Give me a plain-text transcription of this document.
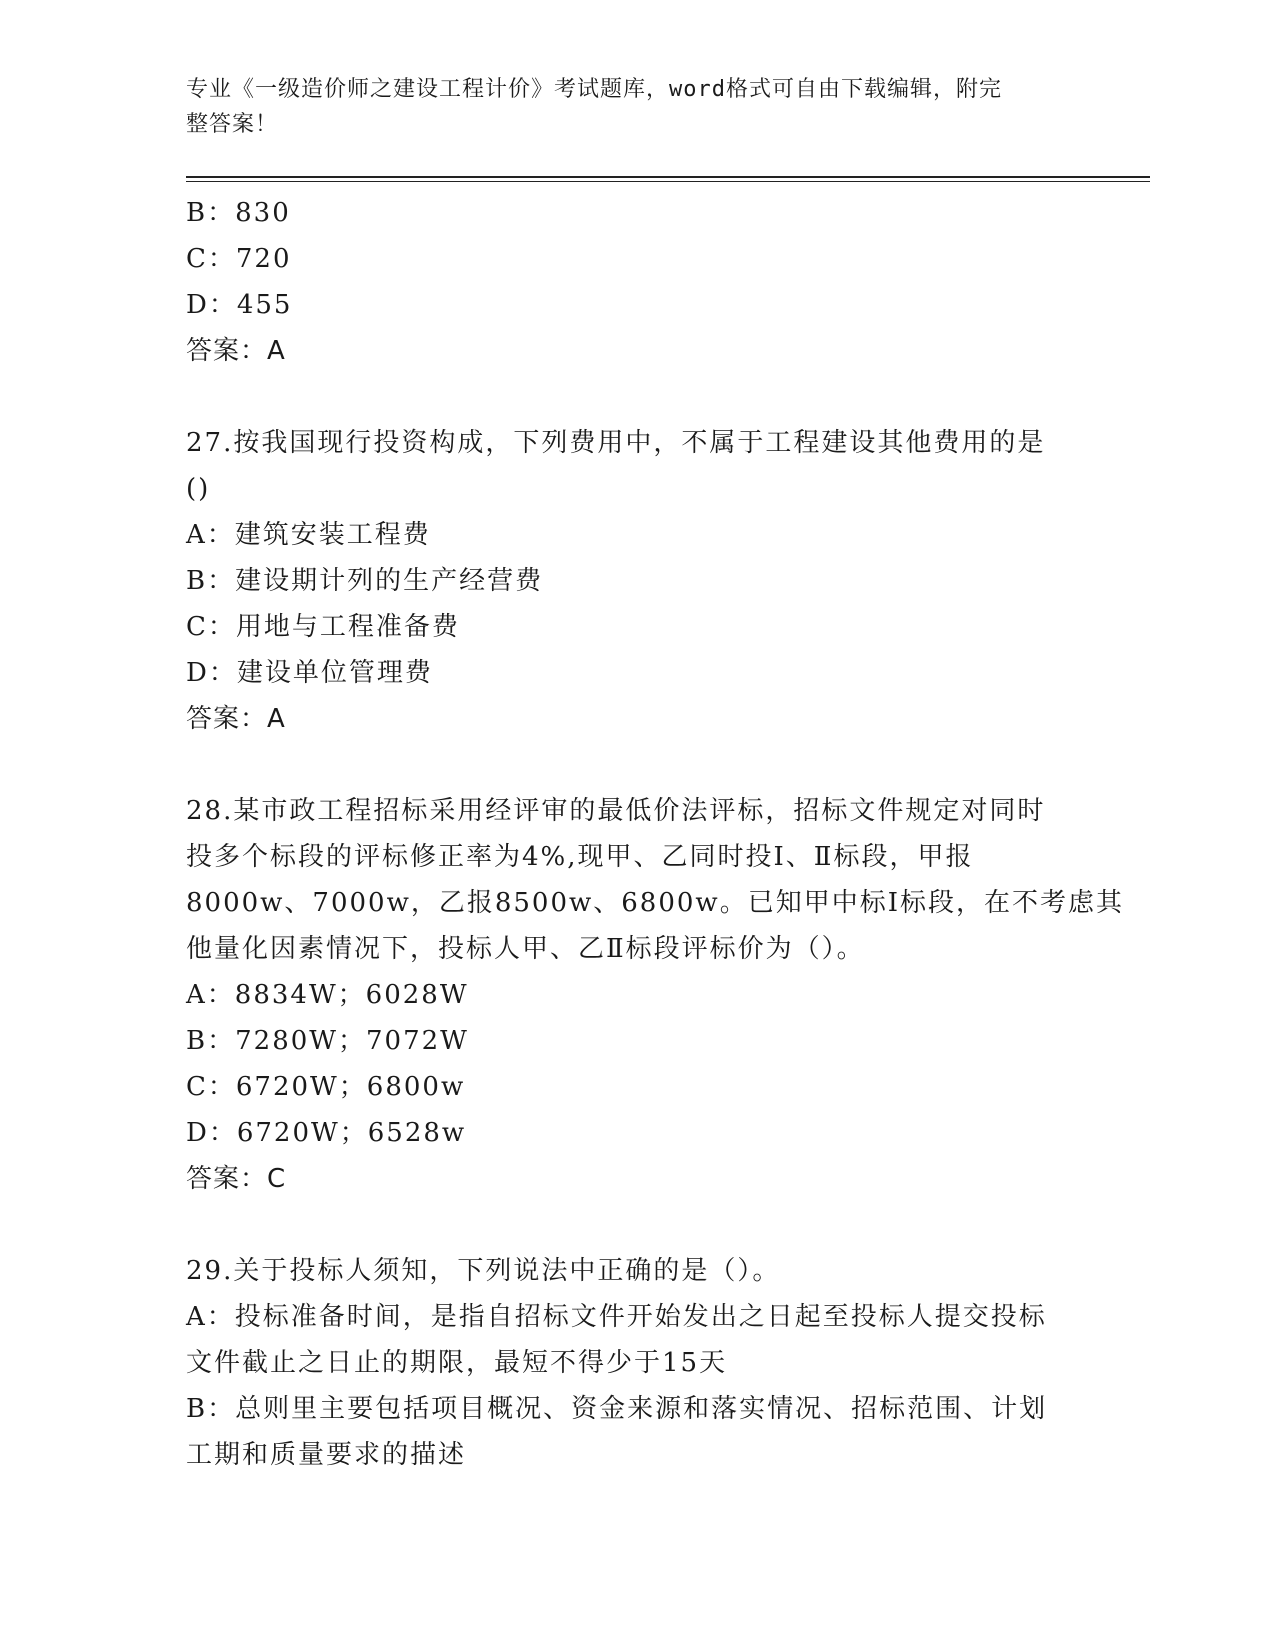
专业《一级造价师之建设工程计价》考试题库，word格式可自由下载编辑，附完
整答案！
B：830
C：720
D：455
答案：A
27.按我国现行投资构成，下列费用中，不属于工程建设其他费用的是
()
A：建筑安装工程费
B：建设期计列的生产经营费
C：用地与工程准备费
D：建设单位管理费
答案：A
28.某市政工程招标采用经评审的最低价法评标，招标文件规定对同时
投多个标段的评标修正率为4%,现甲、乙同时投Ⅰ、Ⅱ标段，甲报
8000w、7000w，乙报8500w、6800w。已知甲中标Ⅰ标段，在不考虑其
他量化因素情况下，投标人甲、乙Ⅱ标段评标价为（）。
A：8834W；6028W
B：7280W；7072W
C：6720W；6800w
D：6720W；6528w
答案：C
29.关于投标人须知，下列说法中正确的是（）。
A：投标准备时间，是指自招标文件开始发出之日起至投标人提交投标
文件截止之日止的期限，最短不得少于15天
B：总则里主要包括项目概况、资金来源和落实情况、招标范围、计划
工期和质量要求的描述
